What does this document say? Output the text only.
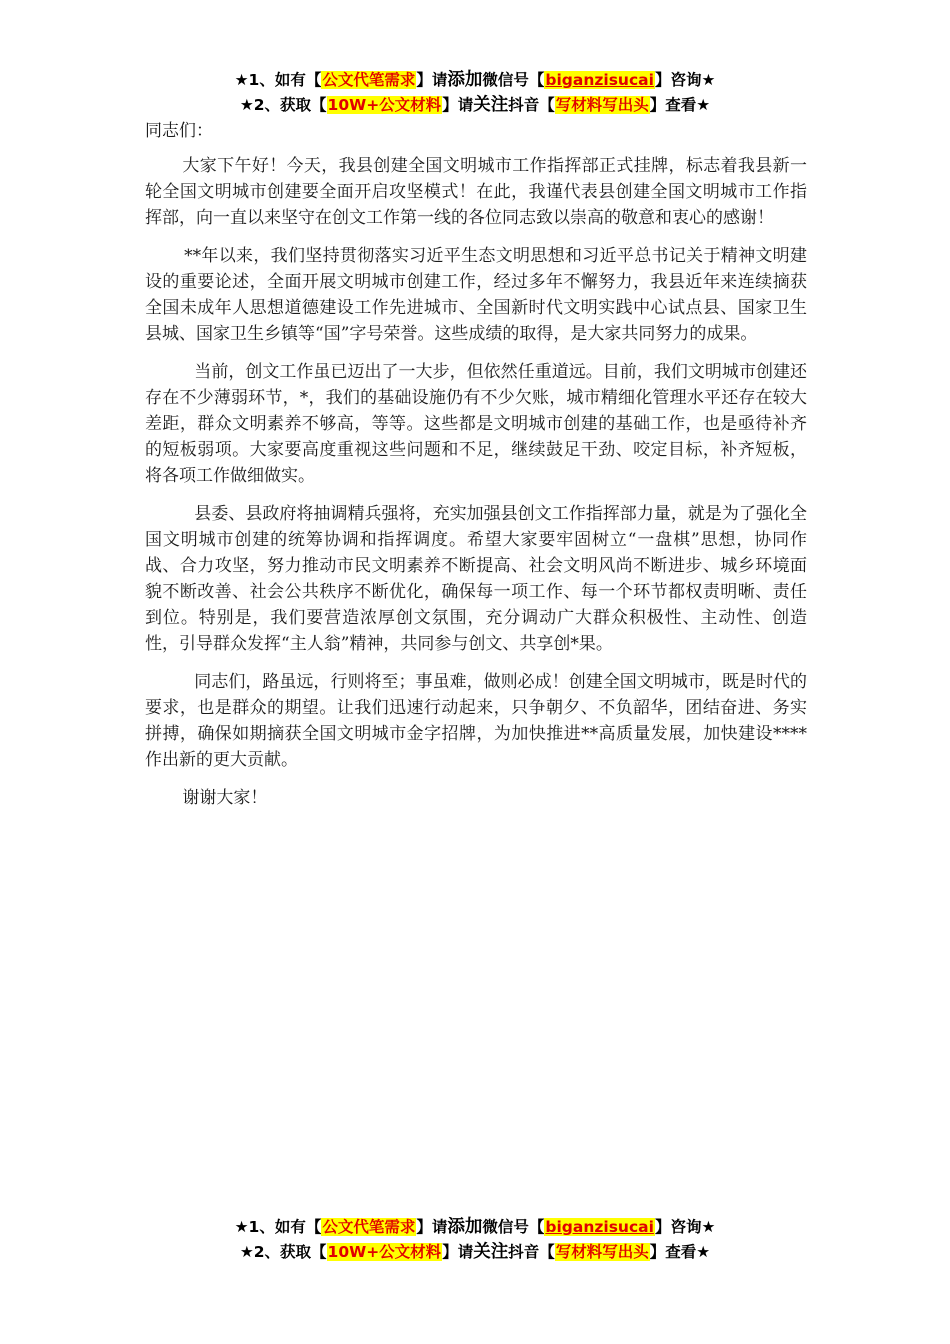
★1、如有【公文代笔需求】请添加微信号【biganzisucai】咨询★
★2、获取【10W+公文材料】请关注抖音【写材料写出头】查看★

同志们：

大家下午好！今天，我县创建全国文明城市工作指挥部正式挂牌，标志着我县新一轮全国文明城市创建要全面开启攻坚模式！在此，我谨代表县创建全国文明城市工作指挥部，向一直以来坚守在创文工作第一线的各位同志致以崇高的敬意和衷心的感谢！

**年以来，我们坚持贯彻落实习近平生态文明思想和习近平总书记关于精神文明建设的重要论述，全面开展文明城市创建工作，经过多年不懈努力，我县近年来连续摘获全国未成年人思想道德建设工作先进城市、全国新时代文明实践中心试点县、国家卫生县城、国家卫生乡镇等“国”字号荣誉。这些成绩的取得，是大家共同努力的成果。

当前，创文工作虽已迈出了一大步，但依然任重道远。目前，我们文明城市创建还存在不少薄弱环节，*，我们的基础设施仍有不少欠账，城市精细化管理水平还存在较大差距，群众文明素养不够高，等等。这些都是文明城市创建的基础工作，也是亟待补齐的短板弱项。大家要高度重视这些问题和不足，继续鼓足干劲、咬定目标，补齐短板，将各项工作做细做实。

县委、县政府将抽调精兵强将，充实加强县创文工作指挥部力量，就是为了强化全国文明城市创建的统筹协调和指挥调度。希望大家要牢固树立“一盘棋”思想，协同作战、合力攻坚，努力推动市民文明素养不断提高、社会文明风尚不断进步、城乡环境面貌不断改善、社会公共秩序不断优化，确保每一项工作、每一个环节都权责明晰、责任到位。特别是，我们要营造浓厚创文氛围，充分调动广大群众积极性、主动性、创造性，引导群众发挥“主人翁”精神，共同参与创文、共享创*果。

同志们，路虽远，行则将至；事虽难，做则必成！创建全国文明城市，既是时代的要求，也是群众的期望。让我们迅速行动起来，只争朝夕、不负韶华，团结奋进、务实拼搏，确保如期摘获全国文明城市金字招牌，为加快推进**高质量发展，加快建设****作出新的更大贡献。

谢谢大家！

★1、如有【公文代笔需求】请添加微信号【biganzisucai】咨询★
★2、获取【10W+公文材料】请关注抖音【写材料写出头】查看★
